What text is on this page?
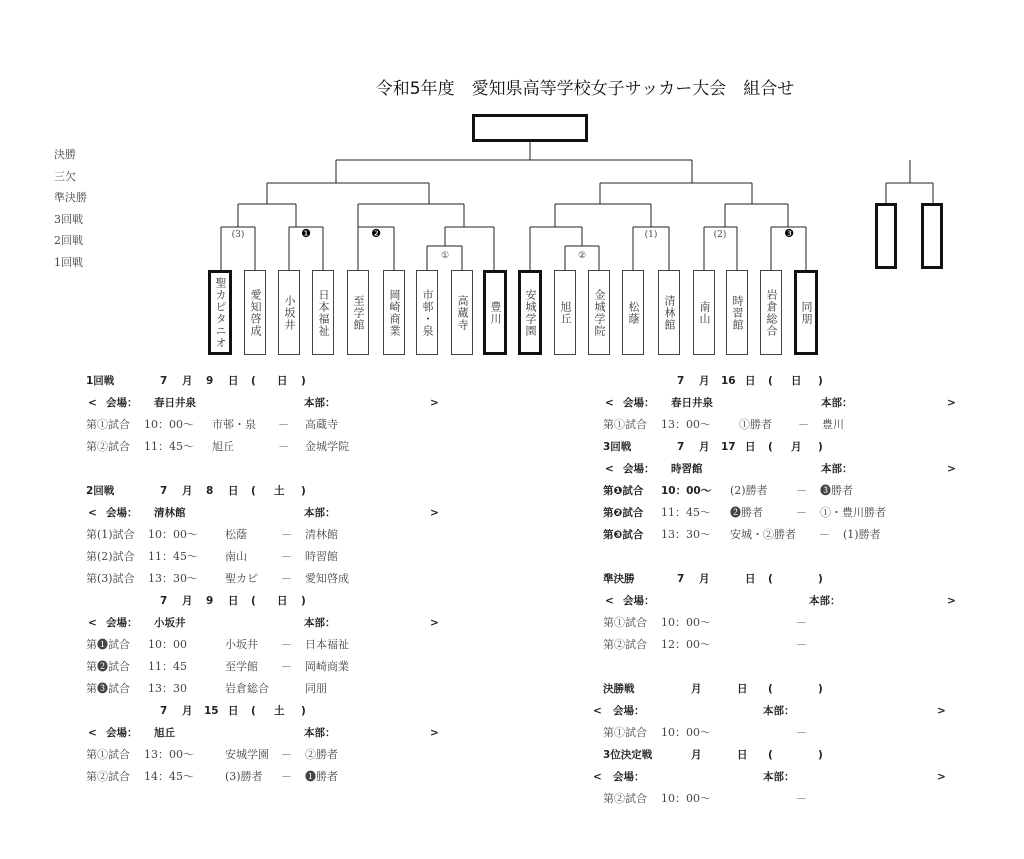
令和5年度　愛知県高等学校女子サッカー大会　組合せ
決勝
三欠
準決勝
3回戦
2回戦
1回戦
(3)	❶	❷
①	②
(1)	(2)	❸
聖カピタニオ	愛知啓成	小坂井	日本福祉	至学館	岡崎商業	市邨・泉	高蔵寺	豊川	安城学園	旭丘	金城学院	松蔭	清林館	南山	時習館	岩倉総合	同朋
1回戦	7 月 9 日 ( 日 )
< 会場： 春日井泉	本部：	>
第①試合 10：00～ 市邨・泉 － 高蔵寺
第②試合 11：45～ 旭丘	－ 金城学院
2回戦	7 月 8 日 ( 土 )
< 会場： 清林館	本部：	>
第(1)試合 10：00～ 松蔭	－ 清林館
第(2)試合 11：45～ 南山	－ 時習館
第(3)試合 13：30～ 聖カピ － 愛知啓成
7 月 9 日 ( 日 )
< 会場： 小坂井	本部：	>
第❶試合 10：00	小坂井 － 日本福祉
第❷試合 11：45	至学館 － 岡崎商業
第❸試合 13：30	岩倉総合	同朋
7 月 15 日 ( 土 )
< 会場： 旭丘	本部：	>
第①試合 13：00～	安城学園 － ②勝者
第②試合 14：45～	(3)勝者 － ❶勝者
7 月 16 日 ( 日 )
< 会場： 春日井泉	本部：	>
第①試合 13：00～	①勝者 － 豊川
3回戦	7 月 17 日 ( 月 )
< 会場： 時習館	本部：	>
第❶試合 10：00～ (2)勝者	－ ❸勝者
第❷試合 11：45～ ❷勝者	－ ①・豊川勝者
第❸試合 13：30～ 安城・②勝者 － (1)勝者
準決勝	7 月	日 (	)
< 会場：	本部：	>
第①試合 10：00～	－
第②試合 12：00～	－
決勝戦	月	日 (	)
< 会場：	本部：	>
第①試合 10：00～	－
3位決定戦	月	日 (	)
< 会場：	本部：	>
第②試合 10：00～	－
